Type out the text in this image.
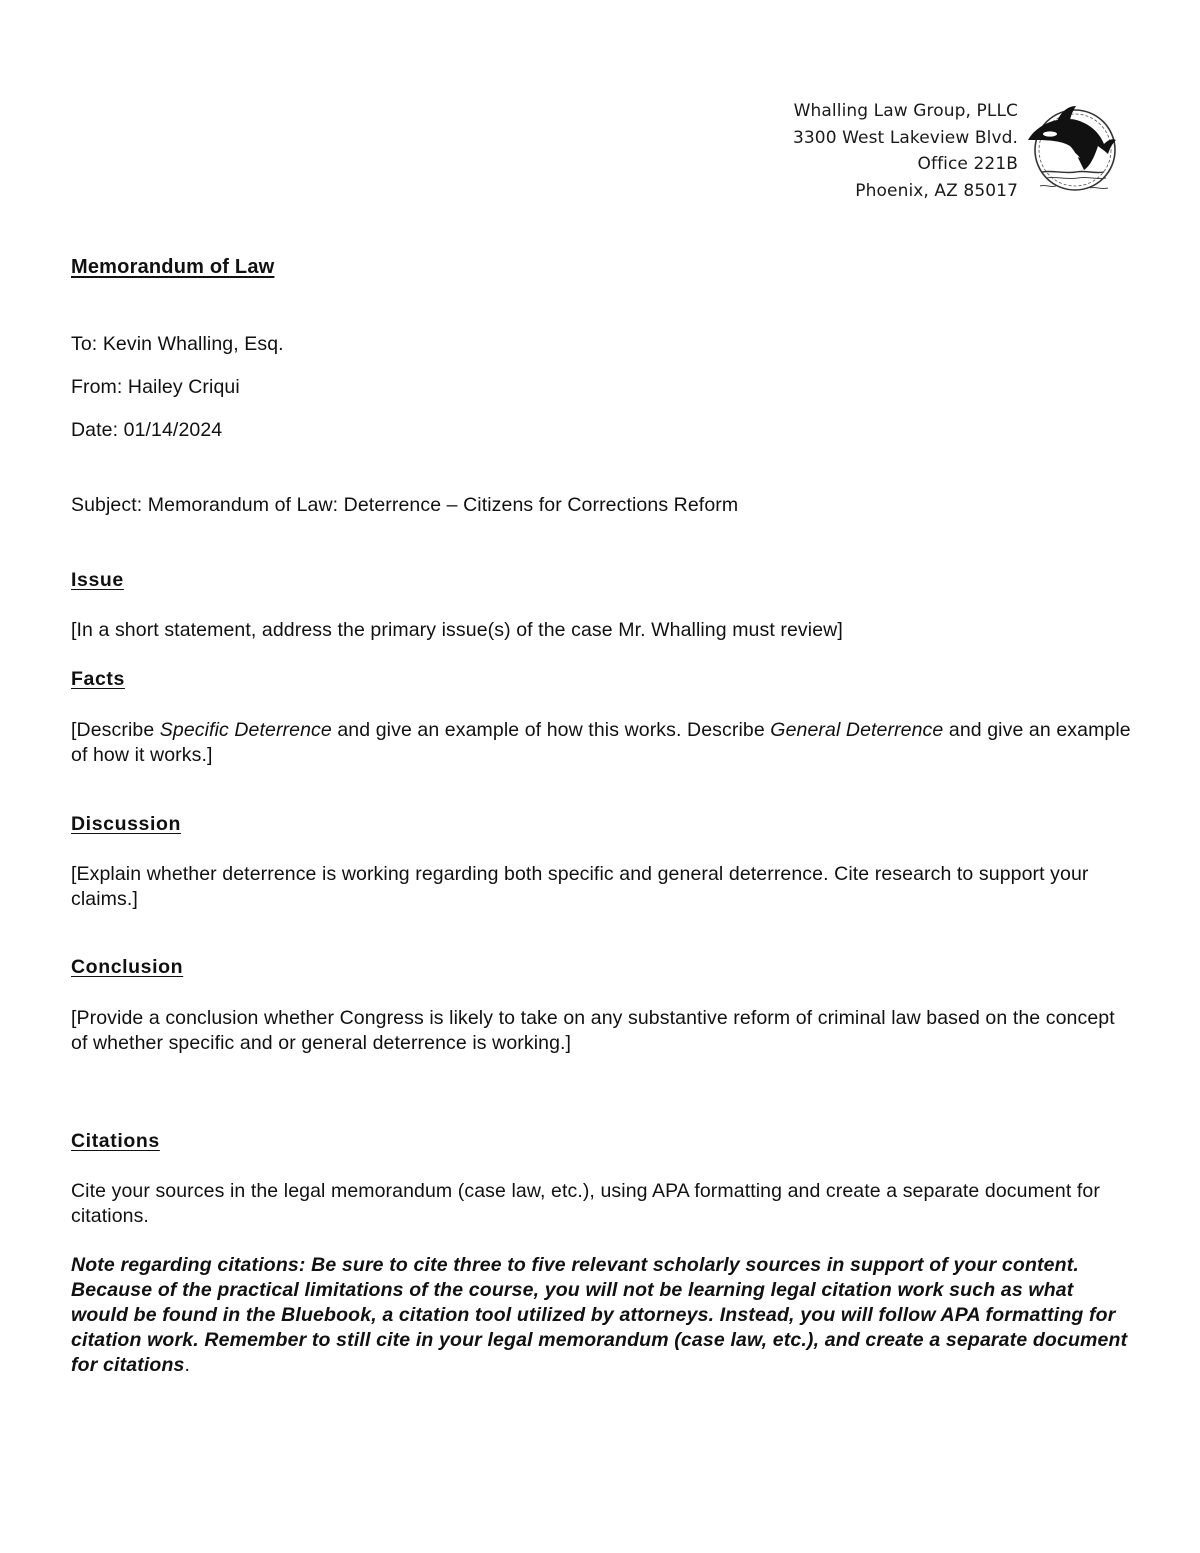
Whalling Law Group, PLLC
3300 West Lakeview Blvd.
Office 221B
Phoenix, AZ 85017
Memorandum of Law
To: Kevin Whalling, Esq.
From: Hailey Criqui
Date: 01/14/2024
Subject: Memorandum of Law: Deterrence – Citizens for Corrections Reform
Issue
[In a short statement, address the primary issue(s) of the case Mr. Whalling must review]
Facts
[Describe Specific Deterrence and give an example of how this works. Describe General Deterrence and give an example of how it works.]
Discussion
[Explain whether deterrence is working regarding both specific and general deterrence. Cite research to support your claims.]
Conclusion
[Provide a conclusion whether Congress is likely to take on any substantive reform of criminal law based on the concept of whether specific and or general deterrence is working.]
Citations
Cite your sources in the legal memorandum (case law, etc.), using APA formatting and create a separate document for citations.
Note regarding citations: Be sure to cite three to five relevant scholarly sources in support of your content. Because of the practical limitations of the course, you will not be learning legal citation work such as what would be found in the Bluebook, a citation tool utilized by attorneys. Instead, you will follow APA formatting for citation work. Remember to still cite in your legal memorandum (case law, etc.), and create a separate document for citations.
